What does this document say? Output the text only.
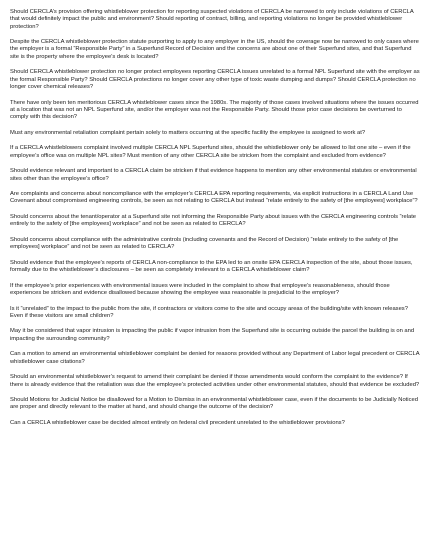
Should CERCLA’s provision offering whistleblower protection for reporting suspected violations of CERCLA be narrowed to only include violations of CERCLA that would definitely impact the public and environment? Should reporting of contract, billing, and reporting violations no longer be provided whistleblower protection?

Despite the CERCLA whistleblower protection statute purporting to apply to any employer in the US, should the coverage now be narrowed to only cases where the employer is a formal “Responsible Party” in a Superfund Record of Decision and the concerns are about one of their Superfund sites, and that Superfund site is the property where the employee’s desk is located?

Should CERCLA whistleblower protection no longer protect employees reporting CERCLA issues unrelated to a formal NPL Superfund site with the employer as the formal Responsible Party? Should CERCLA protections no longer cover any other type of toxic waste dumping and dumps? Should CERCLA protection no longer cover chemical releases?

There have only been ten meritorious CERCLA whistleblower cases since the 1980s. The majority of those cases involved situations where the issues occurred at a location that was not an NPL Superfund site, and/or the employer was not the Responsible Party. Should those prior case decisions be overturned to comply with this decision?

Must any environmental retaliation complaint pertain solely to matters occurring at the specific facility the employee is assigned to work at?

If a CERCLA whistleblowers complaint involved multiple CERCLA NPL Superfund sites, should the whistleblower only be allowed to list one site – even if the employee’s office was on multiple NPL sites? Must mention of any other CERCLA site be stricken from the complaint and excluded from evidence?

Should evidence relevant and important to a CERCLA claim be stricken if that evidence happens to mention any other environmental statutes or environmental sites other than the employee’s office?

Are complaints and concerns about noncompliance with the employer’s CERCLA EPA reporting requirements, via explicit instructions in a CERCLA Land Use Covenant about compromised engineering controls, be seen as not relating to CERCLA but instead “relate entirely to the safety of [the employees] workplace”?

Should concerns about the tenant/operator at a Superfund site not informing the Responsible Party about issues with the CERCLA engineering controls “relate entirely to the safety of [the employees] workplace” and not be seen as related to CERCLA?

Should concerns about compliance with the administrative controls (including covenants and the Record of Decision) “relate entirely to the safety of [the employees] workplace” and not be seen as related to CERCLA?

Should evidence that the employee’s reports of CERCLA non-compliance to the EPA led to an onsite EPA CERCLA inspection of the site, about those issues, formally due to the whistleblower’s disclosures – be seen as completely irrelevant to a CERCLA whistleblower claim?

If the employee’s prior experiences with environmental issues were included in the complaint to show that employee’s reasonableness, should those experiences be stricken and evidence disallowed because showing the employee was reasonable is prejudicial to the employer?

Is it “unrelated” to the impact to the public from the site, if contractors or visitors come to the site and occupy areas of the building/site with known releases? Even if these visitors are small children?

May it be considered that vapor intrusion is impacting the public if vapor intrusion from the Superfund site is occurring outside the parcel the building is on and impacting the surrounding community?

Can a motion to amend an environmental whistleblower complaint be denied for reasons provided without any Department of Labor legal precedent or CERCLA whistleblower case citations?

Should an environmental whistleblower’s request to amend their complaint be denied if those amendments would conform the complaint to the evidence? If there is already evidence that the retaliation was due the employee’s protected activities under other environmental statutes, should that evidence be excluded?

Should Motions for Judicial Notice be disallowed for a Motion to Dismiss in an environmental whistleblower case, even if the documents to be Judicially Noticed are proper and directly relevant to the matter at hand, and should change the outcome of the decision?

Can a CERCLA whistleblower case be decided almost entirely on federal civil precedent unrelated to the whistleblower provisions?
